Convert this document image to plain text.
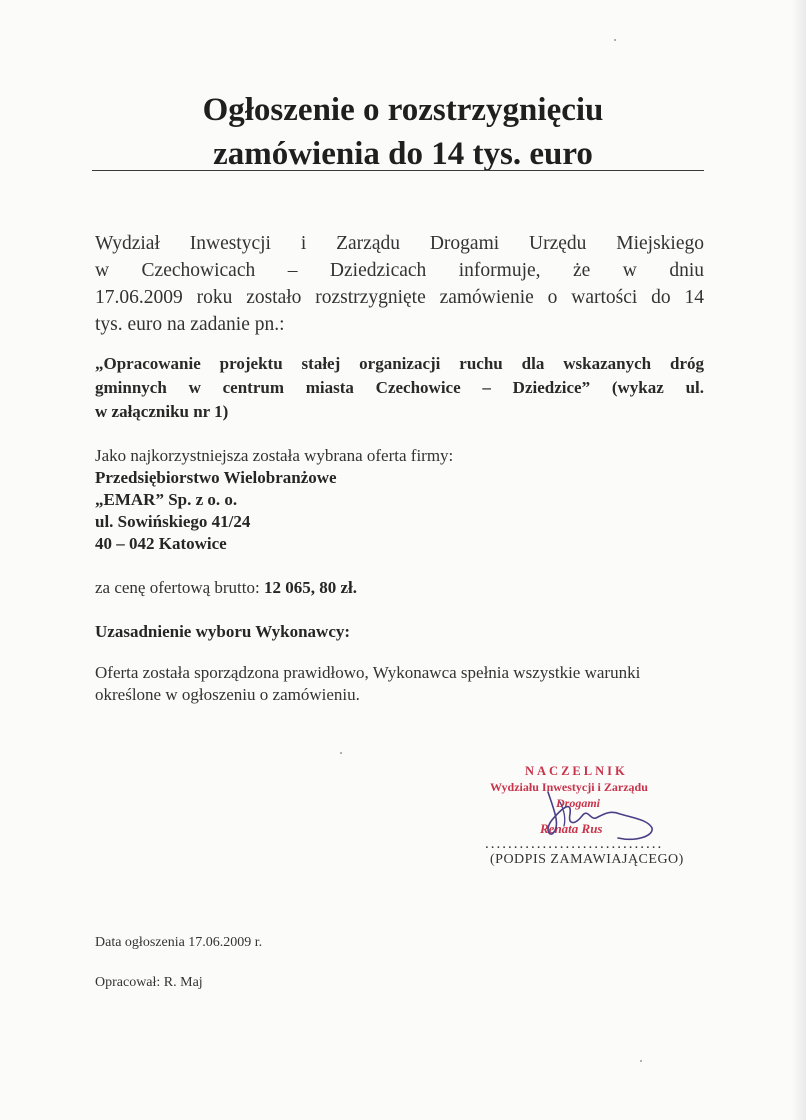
Ogłoszenie o rozstrzygnięciu
zamówienia do 14 tys. euro
Wydział Inwestycji i Zarządu Drogami Urzędu Miejskiego
w Czechowicach – Dziedzicach informuje, że w dniu
17.06.2009 roku zostało rozstrzygnięte zamówienie o wartości do 14
tys. euro na zadanie pn.:
„Opracowanie projektu stałej organizacji ruchu dla wskazanych dróg
gminnych w centrum miasta Czechowice – Dziedzice” (wykaz ul.
w załączniku nr 1)
Jako najkorzystniejsza została wybrana oferta firmy:
Przedsiębiorstwo Wielobranżowe
„EMAR” Sp. z o. o.
ul. Sowińskiego 41/24
40 – 042 Katowice
za cenę ofertową brutto: 12 065, 80 zł.
Uzasadnienie wyboru Wykonawcy:
Oferta została sporządzona prawidłowo, Wykonawca spełnia wszystkie warunki
określone w ogłoszeniu o zamówieniu.
NACZELNIK
Wydziału Inwestycji i Zarządu
Drogami
Renata Rus
...............................
(PODPIS ZAMAWIAJĄCEGO)
Data ogłoszenia 17.06.2009 r.
Opracował: R. Maj
